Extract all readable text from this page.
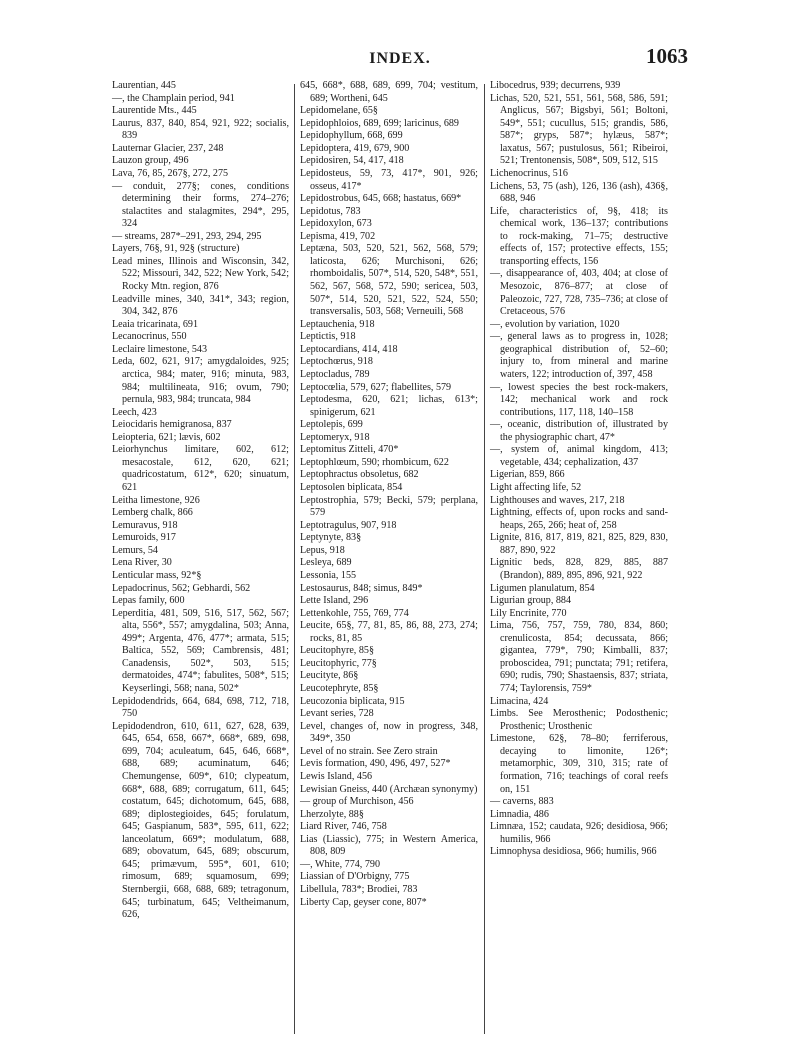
INDEX.	1063

Laurentian, 445

—, the Champlain period, 941

Laurentide Mts., 445

Laurus, 837, 840, 854, 921, 922; socialis, 839

Lauternar Glacier, 237, 248

Lauzon group, 496

Lava, 76, 85, 267§, 272, 275

— conduit, 277§; cones, conditions determining their forms, 274–276; stalactites and stalagmites, 294*, 295, 324

— streams, 287*–291, 293, 294, 295

Layers, 76§, 91, 92§ (structure)

Lead mines, Illinois and Wisconsin, 342, 522; Missouri, 342, 522; New York, 542; Rocky Mtn. region, 876

Leadville mines, 340, 341*, 343; region, 304, 342, 876

Leaia tricarinata, 691

Lecanocrinus, 550

Leclaire limestone, 543

Leda, 602, 621, 917; amygdaloides, 925; arctica, 984; mater, 916; minuta, 983, 984; multilineata, 916; ovum, 790; pernula, 983, 984; truncata, 984

Leech, 423

Leiocidaris hemigranosa, 837

Leiopteria, 621; lævis, 602

Leiorhynchus limitare, 602, 612; mesacostale, 612, 620, 621; quadricostatum, 612*, 620; sinuatum, 621

Leitha limestone, 926

Lemberg chalk, 866

Lemuravus, 918

Lemuroids, 917

Lemurs, 54

Lena River, 30

Lenticular mass, 92*§

Lepadocrinus, 562; Gebhardi, 562

Lepas family, 600

Leperditia, 481, 509, 516, 517, 562, 567; alta, 556*, 557; amygdalina, 503; Anna, 499*; Argenta, 476, 477*; armata, 515; Baltica, 552, 569; Cambrensis, 481; Canadensis, 502*, 503, 515; dermatoides, 474*; fabulites, 508*, 515; Keyserlingi, 568; nana, 502*

Lepidodendrids, 664, 684, 698, 712, 718, 750

Lepidodendron, 610, 611, 627, 628, 639, 645, 654, 658, 667*, 668*, 689, 698, 699, 704; aculeatum, 645, 646, 668*, 688, 689; acuminatum, 646; Chemungense, 609*, 610; clypeatum, 668*, 688, 689; corrugatum, 611, 645; costatum, 645; dichotomum, 645, 688, 689; diplostegioides, 645; forulatum, 645; Gaspianum, 583*, 595, 611, 622; lanceolatum, 669*; modulatum, 688, 689; obovatum, 645, 689; obscurum, 645; primævum, 595*, 601, 610; rimosum, 689; squamosum, 699; Sternbergii, 668, 688, 689; tetragonum, 645; turbinatum, 645; Veltheimanum, 626,

645, 668*, 688, 689, 699, 704; vestitum, 689; Wortheni, 645

Lepidomelane, 65§

Lepidophloios, 689, 699; laricinus, 689

Lepidophyllum, 668, 699

Lepidoptera, 419, 679, 900

Lepidosiren, 54, 417, 418

Lepidosteus, 59, 73, 417*, 901, 926; osseus, 417*

Lepidostrobus, 645, 668; hastatus, 669*

Lepidotus, 783

Lepidoxylon, 673

Lepisma, 419, 702

Leptæna, 503, 520, 521, 562, 568, 579; laticosta, 626; Murchisoni, 626; rhomboidalis, 507*, 514, 520, 548*, 551, 562, 567, 568, 572, 590; sericea, 503, 507*, 514, 520, 521, 522, 524, 550; transversalis, 503, 568; Verneuili, 568

Leptauchenia, 918

Leptictis, 918

Leptocardians, 414, 418

Leptochœrus, 918

Leptocladus, 789

Leptocœlia, 579, 627; flabellites, 579

Leptodesma, 620, 621; lichas, 613*; spinigerum, 621

Leptolepis, 699

Leptomeryx, 918

Leptomitus Zitteli, 470*

Leptophlœum, 590; rhombicum, 622

Leptophractus obsoletus, 682

Leptosolen biplicata, 854

Leptostrophia, 579; Becki, 579; perplana, 579

Leptotragulus, 907, 918

Leptynyte, 83§

Lepus, 918

Lesleya, 689

Lessonia, 155

Lestosaurus, 848; simus, 849*

Lette Island, 296

Lettenkohle, 755, 769, 774

Leucite, 65§, 77, 81, 85, 86, 88, 273, 274; rocks, 81, 85

Leucitophyre, 85§

Leucitophyric, 77§

Leucityte, 86§

Leucotephryte, 85§

Leucozonia biplicata, 915

Levant series, 728

Level, changes of, now in progress, 348, 349*, 350

Level of no strain. See Zero strain

Levis formation, 490, 496, 497, 527*

Lewis Island, 456

Lewisian Gneiss, 440 (Archæan synonymy)

— group of Murchison, 456

Lherzolyte, 88§

Liard River, 746, 758

Lias (Liassic), 775; in Western America, 808, 809

—, White, 774, 790

Liassian of D'Orbigny, 775

Libellula, 783*; Brodiei, 783

Liberty Cap, geyser cone, 807*

Libocedrus, 939; decurrens, 939

Lichas, 520, 521, 551, 561, 568, 586, 591; Anglicus, 567; Bigsbyi, 561; Boltoni, 549*, 551; cucullus, 515; grandis, 586, 587*; gryps, 587*; hylæus, 587*; laxatus, 567; pustulosus, 561; Ribeiroi, 521; Trentonensis, 508*, 509, 512, 515

Lichenocrinus, 516

Lichens, 53, 75 (ash), 126, 136 (ash), 436§, 688, 946

Life, characteristics of, 9§, 418; its chemical work, 136–137; contributions to rock-making, 71–75; destructive effects of, 157; protective effects, 155; transporting effects, 156

—, disappearance of, 403, 404; at close of Mesozoic, 876–877; at close of Paleozoic, 727, 728, 735–736; at close of Cretaceous, 576

—, evolution by variation, 1020

—, general laws as to progress in, 1028; geographical distribution of, 52–60; injury to, from mineral and marine waters, 122; introduction of, 397, 458

—, lowest species the best rock-makers, 142; mechanical work and rock contributions, 117, 118, 140–158

—, oceanic, distribution of, illustrated by the physiographic chart, 47*

—, system of, animal kingdom, 413; vegetable, 434; cephalization, 437

Ligerian, 859, 866

Light affecting life, 52

Lighthouses and waves, 217, 218

Lightning, effects of, upon rocks and sand-heaps, 265, 266; heat of, 258

Lignite, 816, 817, 819, 821, 825, 829, 830, 887, 890, 922

Lignitic beds, 828, 829, 885, 887 (Brandon), 889, 895, 896, 921, 922

Ligumen planulatum, 854

Ligurian group, 884

Lily Encrinite, 770

Lima, 756, 757, 759, 780, 834, 860; crenulicosta, 854; decussata, 866; gigantea, 779*, 790; Kimballi, 837; proboscidea, 791; punctata; 791; retifera, 690; rudis, 790; Shastaensis, 837; striata, 774; Taylorensis, 759*

Limacina, 424

Limbs. See Merosthenic; Podosthenic; Prosthenic; Urosthenic

Limestone, 62§, 78–80; ferriferous, decaying to limonite, 126*; metamorphic, 309, 310, 315; rate of formation, 716; teachings of coral reefs on, 151

— caverns, 883

Limnadia, 486

Limnæa, 152; caudata, 926; desidiosa, 966; humilis, 966

Limnophysa desidiosa, 966; humilis, 966
